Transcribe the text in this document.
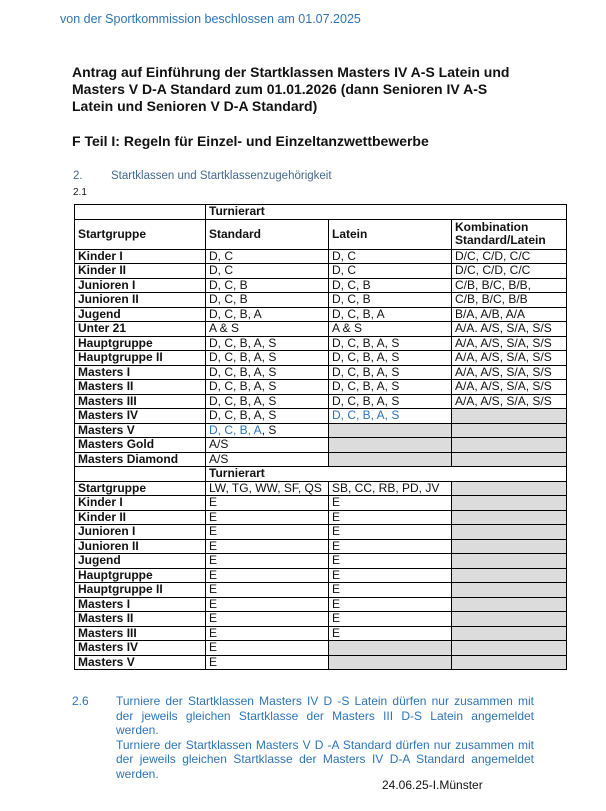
von der Sportkommission beschlossen am 01.07.2025
Antrag auf Einführung der Startklassen Masters IV A-S Latein und Masters V D-A Standard zum 01.01.2026 (dann Senioren IV A-S Latein und Senioren V D-A Standard)
F Teil I: Regeln für Einzel- und Einzeltanzwettbewerbe
2. Startklassen und Startklassenzugehörigkeit
2.1
	Turnierart		
Startgruppe	Standard	Latein	Kombination Standard/Latein
Kinder I	D, C	D, C	D/C, C/D, C/C
Kinder II	D, C	D, C	D/C, C/D, C/C
Junioren I	D, C, B	D, C, B	C/B, B/C, B/B,
Junioren II	D, C, B	D, C, B	C/B, B/C, B/B
Jugend	D, C, B, A	D, C, B, A	B/A, A/B, A/A
Unter 21	A & S	A & S	A/A. A/S, S/A, S/S
Hauptgruppe	D, C, B, A, S	D, C, B, A, S	A/A, A/S, S/A, S/S
Hauptgruppe II	D, C, B, A, S	D, C, B, A, S	A/A, A/S, S/A, S/S
Masters I	D, C, B, A, S	D, C, B, A, S	A/A, A/S, S/A, S/S
Masters II	D, C, B, A, S	D, C, B, A, S	A/A, A/S, S/A, S/S
Masters III	D, C, B, A, S	D, C, B, A, S	A/A, A/S, S/A, S/S
Masters IV	D, C, B, A, S	D, C, B, A, S	
Masters V	D, C, B, A, S		
Masters Gold	A/S		
Masters Diamond	A/S		
	Turnierart		
Startgruppe	LW, TG, WW, SF, QS	SB, CC, RB, PD, JV	
Kinder I	E	E	
Kinder II	E	E	
Junioren I	E	E	
Junioren II	E	E	
Jugend	E	E	
Hauptgruppe	E	E	
Hauptgruppe II	E	E	
Masters I	E	E	
Masters II	E	E	
Masters III	E	E	
Masters IV	E		
Masters V	E		
2.6 Turniere der Startklassen Masters IV D -S Latein dürfen nur zusammen mit der jeweils gleichen Startklasse der Masters III D-S Latein angemeldet werden.
Turniere der Startklassen Masters V D -A Standard dürfen nur zusammen mit der jeweils gleichen Startklasse der Masters IV D-A Standard angemeldet werden.
24.06.25-I.Münster
